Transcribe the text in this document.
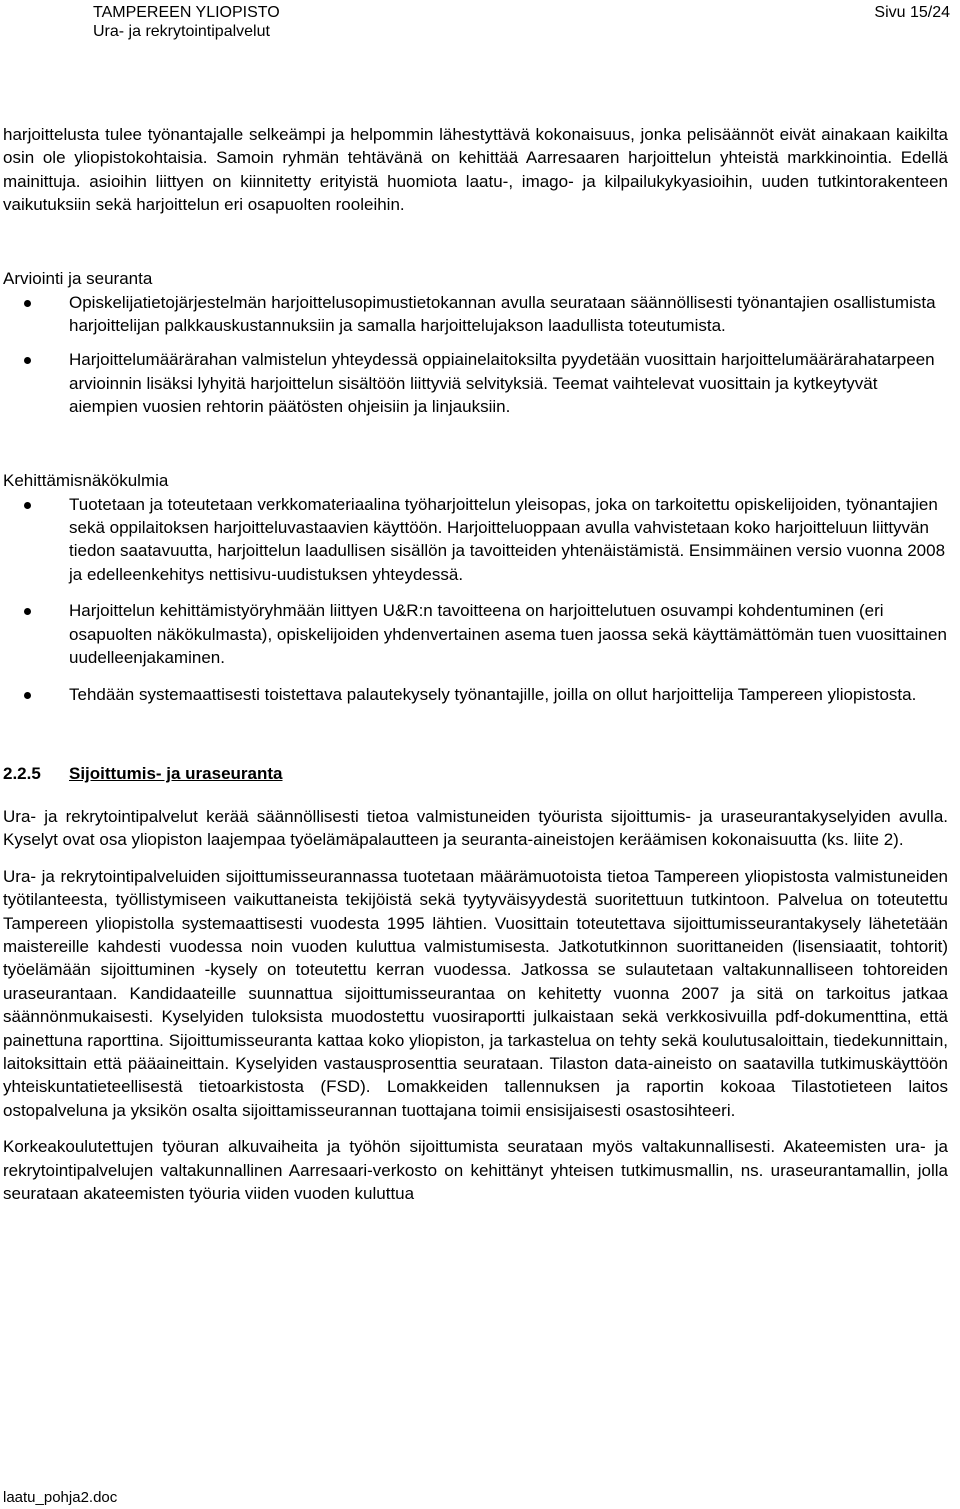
TAMPEREEN YLIOPISTO
Ura- ja rekrytointipalvelut
Sivu 15/24

harjoittelusta tulee työnantajalle selkeämpi ja helpommin lähestyttävä kokonaisuus, jonka pelisäännöt eivät ainakaan kaikilta osin ole yliopistokohtaisia. Samoin ryhmän tehtävänä on kehittää Aarresaaren harjoittelun yhteistä markkinointia. Edellä mainittuja. asioihin liittyen on kiinnitetty erityistä huomiota laatu-, imago- ja kilpailukykyasioihin, uuden tutkintorakenteen vaikutuksiin sekä harjoittelun eri osapuolten rooleihin.

Arviointi ja seuranta
Opiskelijatietojärjestelmän harjoittelusopimustietokannan avulla seurataan säännöllisesti työnantajien osallistumista harjoittelijan palkkauskustannuksiin ja samalla harjoittelujakson laadullista toteutumista.
Harjoittelumäärärahan valmistelun yhteydessä oppiainelaitoksilta pyydetään vuosittain harjoittelumäärärahatarpeen arvioinnin lisäksi lyhyitä harjoittelun sisältöön liittyviä selvityksiä. Teemat vaihtelevat vuosittain ja kytkeytyvät aiempien vuosien rehtorin päätösten ohjeisiin ja linjauksiin.
Kehittämisnäkökulmia
Tuotetaan ja toteutetaan verkkomateriaalina työharjoittelun yleisopas, joka on tarkoitettu opiskelijoiden, työnantajien sekä oppilaitoksen harjoitteluvastaavien käyttöön. Harjoitteluoppaan avulla vahvistetaan koko harjoitteluun liittyvän tiedon saatavuutta, harjoittelun laadullisen sisällön ja tavoitteiden yhtenäistämistä. Ensimmäinen versio vuonna 2008 ja edelleenkehitys nettisivu-uudistuksen yhteydessä.
Harjoittelun kehittämistyöryhmään liittyen U&R:n tavoitteena on harjoittelutuen osuvampi kohdentuminen (eri osapuolten näkökulmasta), opiskelijoiden yhdenvertainen asema tuen jaossa sekä käyttämättömän tuen vuosittainen uudelleenjakaminen.
Tehdään systemaattisesti toistettava palautekysely työnantajille, joilla on ollut harjoittelija Tampereen yliopistosta.
2.2.5 Sijoittumis- ja uraseuranta

Ura- ja rekrytointipalvelut kerää säännöllisesti tietoa valmistuneiden työurista sijoittumis- ja uraseurantakyselyiden avulla. Kyselyt ovat osa yliopiston laajempaa työelämäpalautteen ja seuranta-aineistojen keräämisen kokonaisuutta (ks. liite 2).

Ura- ja rekrytointipalveluiden sijoittumisseurannassa tuotetaan määrämuotoista tietoa Tampereen yliopistosta valmistuneiden työtilanteesta, työllistymiseen vaikuttaneista tekijöistä sekä tyytyväisyydestä suoritettuun tutkintoon. Palvelua on toteutettu Tampereen yliopistolla systemaattisesti vuodesta 1995 lähtien. Vuosittain toteutettava sijoittumisseurantakysely lähetetään maistereille kahdesti vuodessa noin vuoden kuluttua valmistumisesta. Jatkotutkinnon suorittaneiden (lisensiaatit, tohtorit) työelämään sijoittuminen -kysely on toteutettu kerran vuodessa. Jatkossa se sulautetaan valtakunnalliseen tohtoreiden uraseurantaan. Kandidaateille suunnattua sijoittumisseurantaa on kehitetty vuonna 2007 ja sitä on tarkoitus jatkaa säännönmukaisesti. Kyselyiden tuloksista muodostettu vuosiraportti julkaistaan sekä verkkosivuilla pdf-dokumenttina, että painettuna raporttina. Sijoittumisseuranta kattaa koko yliopiston, ja tarkastelua on tehty sekä koulutusaloittain, tiedekunnittain, laitoksittain että pääaineittain. Kyselyiden vastausprosenttia seurataan. Tilaston data-aineisto on saatavilla tutkimuskäyttöön yhteiskuntatieteellisestä tietoarkistosta (FSD). Lomakkeiden tallennuksen ja raportin kokoaa Tilastotieteen laitos ostopalveluna ja yksikön osalta sijoittamisseurannan tuottajana toimii ensisijaisesti osastosihteeri.

Korkeakoulutettujen työuran alkuvaiheita ja työhön sijoittumista seurataan myös valtakunnallisesti. Akateemisten ura- ja rekrytointipalvelujen valtakunnallinen Aarresaari-verkosto on kehittänyt yhteisen tutkimusmallin, ns. uraseurantamallin, jolla seurataan akateemisten työuria viiden vuoden kuluttua

laatu_pohja2.doc
